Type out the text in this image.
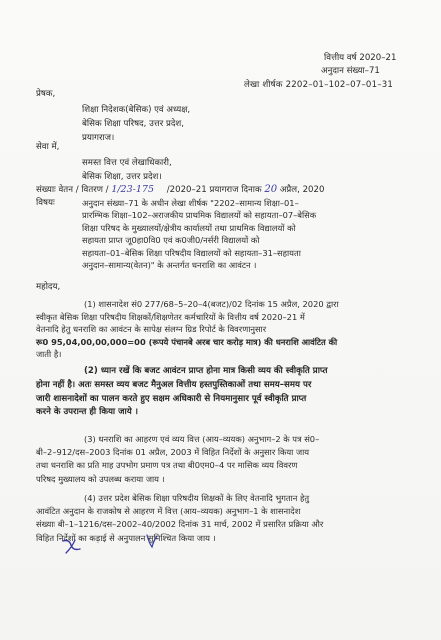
वित्तीय वर्ष 2020–21
अनुदान संख्या–71
लेखा शीर्षक 2202–01–102–07–01–31
प्रेषक,
शिक्षा निदेशक(बेसिक) एवं अध्यक्ष,
बेसिक शिक्षा परिषद, उत्तर प्रदेश,
प्रयागराज।
सेवा में,
समस्त वित्त एवं लेखाधिकारी,
बेसिक शिक्षा, उत्तर प्रदेश।
संख्याः वेतन / वितरण / 1/23-175 /2020–21 प्रयागराज दिनाक 20 अप्रैल, 2020
विषयः	अनुदान संख्या–71 के अधीन लेखा शीर्षक "2202–सामान्य शिक्षा–01–
प्रारम्भिक शिक्षा–102–अराजकीय प्राथमिक विद्यालयों को सहायता–07–बेसिक
शिक्षा परिषद के मुख्यालयों/क्षेत्रीय कार्यालयों तथा प्राथमिक विद्यालयों को
सहायता प्राप्त जू0हा0वि0 एवं क0जी0/नर्सरी विद्यालयों को
सहायता–01–बेसिक शिक्षा परिषदीय विद्यालयों को सहायता–31–सहायता
अनुदान–सामान्य(वेतन)" के अन्तर्गत धनराशि का आवंटन ।
महोदय,
(1) शासनादेश सं0 277/68–5–20–4(बजट)/02 दिनांक 15 अप्रैल, 2020 द्वारा
स्वीकृत बेसिक शिक्षा परिषदीय शिक्षकों/शिक्षणेतर कर्मचारियों के वित्तीय वर्ष 2020–21 में
वेतनादि हेतु धनराशि का आवंटन के सापेक्ष संलग्न ग्रिड रिपोर्ट के विवरणानुसार
रू0 95,04,00,00,000=00 (रूपये पंचानबे अरब चार करोड़ मात्र) की धनराशि आवंटित की
जाती है।
(2) ध्यान रखें कि बजट आवंटन प्राप्त होना मात्र किसी व्यय की स्वीकृति प्राप्त
होना नहीं है। अतः समस्त व्यय बजट मैनुअल वित्तीय हस्तपुस्तिकाओं तथा समय–समय पर
जारी शासनादेशों का पालन करते हुए सक्षम अधिकारी से नियमानुसार पूर्व स्वीकृति प्राप्त
करने के उपरान्त ही किया जाये ।
(3) धनराशि का आहरण एवं व्यय वित्त (आय–व्ययक) अनुभाग–2 के पत्र सं0–
बी–2–912/दस–2003 दिनांक 01 अप्रैल, 2003 में विहित निर्देशों के अनुसार किया जाय
तथा धनराशि का प्रति माह उपभोग प्रमाण पत्र तथा बी0एम0–4 पर मासिक व्यय विवरण
परिषद मुख्यालय को उपलब्ध कराया जाय ।
(4) उत्तर प्रदेश बेसिक शिक्षा परिषदीय शिक्षकों के लिए वेतनादि भुगतान हेतु
आवंटित अनुदान के राजकोष से आहरण में वित्त (आय–व्ययक) अनुभाग–1 के शासनादेश
संख्याः बी–1–1216/दस–2002–40/2002 दिनांक 31 मार्च, 2002 में प्रसारित प्रक्रिया और
विहित निर्देशों का कड़ाई से अनुपालन सुनिश्चित किया जाय ।
